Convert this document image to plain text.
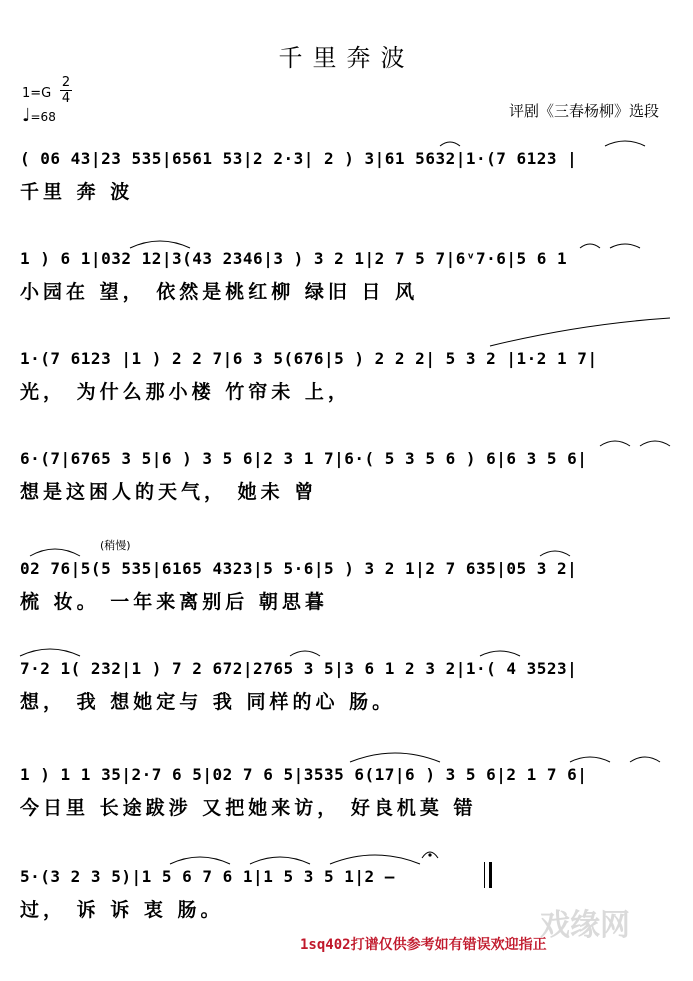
千里奔波
1=G
2
4
♩=68	评剧《三春杨柳》选段
(稍慢)
( 06 43|23 535|6561 53|2 2·3| 2 ) 3|61 5632|1·(7 6123 |
千里 奔 波
1 ) 6 1|032 12|3(43 2346|3 ) 3 2 1|2 7 5 7|6ᵛ7·6|5 6 1
小园在 望， 依然是桃红柳 绿旧 日 风
1·(7 6123 |1 ) 2 2 7|6 3 5(676|5 ) 2 2 2| 5 3 2 |1·2 1 7|
光， 为什么那小楼 竹帘未 上，
6·(7|6765 3 5|6 ) 3 5 6|2 3 1 7|6·( 5 3 5 6 ) 6|6 3 5 6|
想是这困人的天气， 她未 曾
02 76|5(5 535|6165 4323|5 5·6|5 ) 3 2 1|2 7 635|05 3 2|
梳 妆。 一年来离别后 朝思暮
7·2 1( 232|1 ) 7 2 672|2765 3 5|3 6 1 2 3 2|1·( 4 3523|
想， 我 想她定与 我 同样的心 肠。
1 ) 1 1 35|2·7 6 5|02 7 6 5|3535 6(17|6 ) 3 5 6|2 1 7 6|
今日里 长途跋涉 又把她来访， 好良机莫 错
5·(3 2 3 5)|1 5 6 7 6 1|1 5 3 5 1|2 –
过， 诉 诉 衷 肠。	戏缘网
1sq402打谱仅供参考如有错误欢迎指正
